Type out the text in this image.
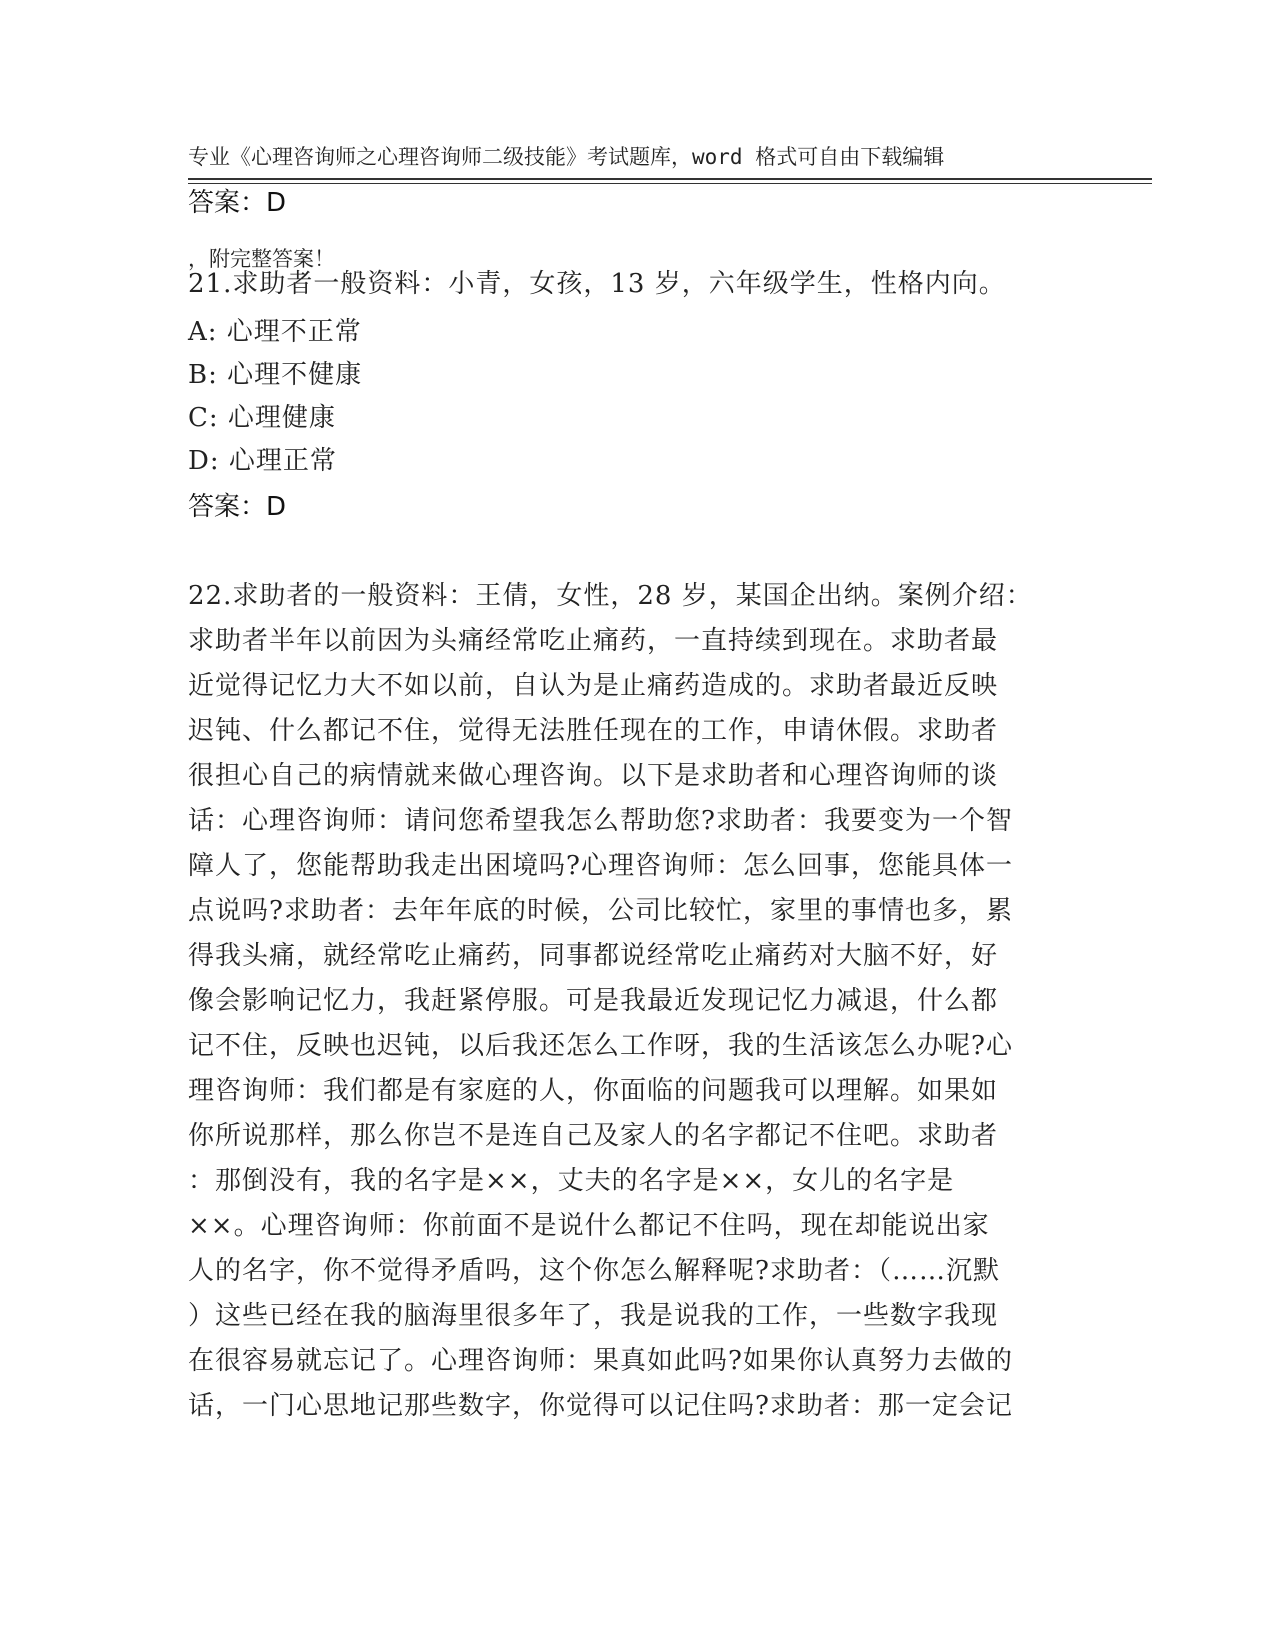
专业《心理咨询师之心理咨询师二级技能》考试题库，word 格式可自由下载编辑

，附完整答案！

答案：D
21.求助者一般资料：小青，女孩，13 岁，六年级学生，性格内向。
A: 心理不正常
B: 心理不健康
C: 心理健康
D: 心理正常
答案：D
22.求助者的一般资料：王倩，女性，28 岁，某国企出纳。案例介绍：
求助者半年以前因为头痛经常吃止痛药，一直持续到现在。求助者最
近觉得记忆力大不如以前，自认为是止痛药造成的。求助者最近反映
迟钝、什么都记不住，觉得无法胜任现在的工作，申请休假。求助者
很担心自己的病情就来做心理咨询。以下是求助者和心理咨询师的谈
话：心理咨询师：请问您希望我怎么帮助您?求助者：我要变为一个智
障人了，您能帮助我走出困境吗?心理咨询师：怎么回事，您能具体一
点说吗?求助者：去年年底的时候，公司比较忙，家里的事情也多，累
得我头痛，就经常吃止痛药，同事都说经常吃止痛药对大脑不好，好
像会影响记忆力，我赶紧停服。可是我最近发现记忆力减退，什么都
记不住，反映也迟钝，以后我还怎么工作呀，我的生活该怎么办呢?心
理咨询师：我们都是有家庭的人，你面临的问题我可以理解。如果如
你所说那样，那么你岂不是连自己及家人的名字都记不住吧。求助者
：那倒没有，我的名字是××，丈夫的名字是××，女儿的名字是
××。心理咨询师：你前面不是说什么都记不住吗，现在却能说出家
人的名字，你不觉得矛盾吗，这个你怎么解释呢?求助者：（……沉默
）这些已经在我的脑海里很多年了，我是说我的工作，一些数字我现
在很容易就忘记了。心理咨询师：果真如此吗?如果你认真努力去做的
话，一门心思地记那些数字，你觉得可以记住吗?求助者：那一定会记
